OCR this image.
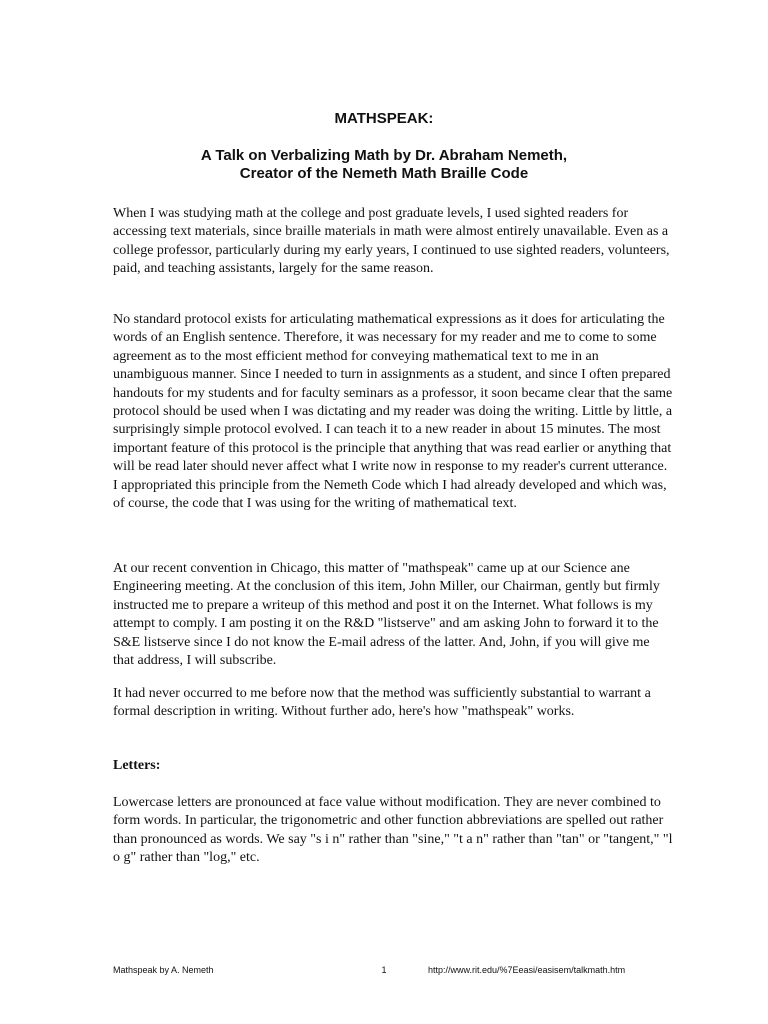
MATHSPEAK:
A Talk on Verbalizing Math by Dr. Abraham Nemeth,
Creator of the Nemeth Math Braille Code

When I was studying math at the college and post graduate levels, I used sighted readers for accessing text materials, since braille materials in math were almost entirely unavailable. Even as a college professor, particularly during my early years, I continued to use sighted readers, volunteers, paid, and teaching assistants, largely for the same reason.

No standard protocol exists for articulating mathematical expressions as it does for articulating the words of an English sentence. Therefore, it was necessary for my reader and me to come to some agreement as to the most efficient method for conveying mathematical text to me in an unambiguous manner. Since I needed to turn in assignments as a student, and since I often prepared handouts for my students and for faculty seminars as a professor, it soon became clear that the same protocol should be used when I was dictating and my reader was doing the writing. Little by little, a surprisingly simple protocol evolved. I can teach it to a new reader in about 15 minutes. The most important feature of this protocol is the principle that anything that was read earlier or anything that will be read later should never affect what I write now in response to my reader's current utterance. I appropriated this principle from the Nemeth Code which I had already developed and which was, of course, the code that I was using for the writing of mathematical text.

At our recent convention in Chicago, this matter of "mathspeak" came up at our Science ane Engineering meeting. At the conclusion of this item, John Miller, our Chairman, gently but firmly instructed me to prepare a writeup of this method and post it on the Internet. What follows is my attempt to comply. I am posting it on the R&D "listserve" and am asking John to forward it to the S&E listserve since I do not know the E-mail adress of the latter. And, John, if you will give me that address, I will subscribe.

It had never occurred to me before now that the method was sufficiently substantial to warrant a formal description in writing. Without further ado, here's how "mathspeak" works.

Letters:

Lowercase letters are pronounced at face value without modification. They are never combined to form words. In particular, the trigonometric and other function abbreviations are spelled out rather than pronounced as words. We say "s i n" rather than "sine," "t a n" rather than "tan" or "tangent," "l o g" rather than "log," etc.

Mathspeak by A. Nemeth	1	http://www.rit.edu/%7Eeasi/easisem/talkmath.htm
